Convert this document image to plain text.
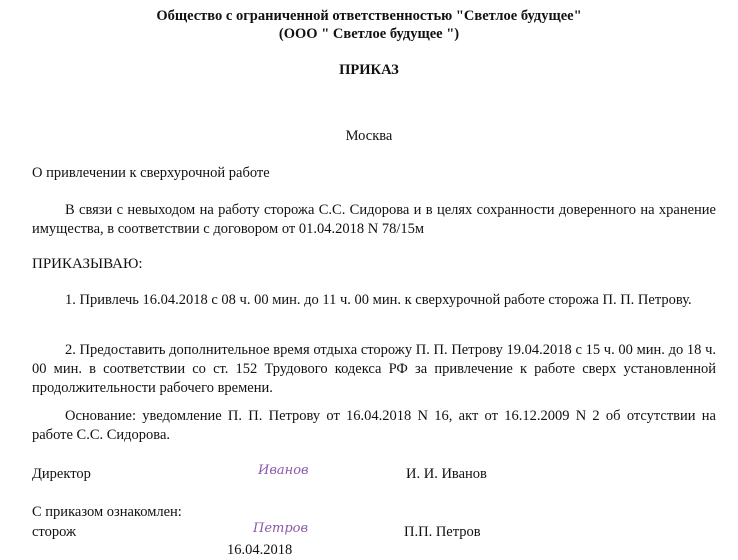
Общество с ограниченной ответственностью "Светлое будущее"
(ООО " Светлое будущее ")
ПРИКАЗ
Москва
О привлечении к сверхурочной работе
В связи с невыходом на работу сторожа С.С. Сидорова и в целях сохранности доверенного на хранение имущества, в соответствии с договором от 01.04.2018 N 78/15м
ПРИКАЗЫВАЮ:
1. Привлечь 16.04.2018 с 08 ч. 00 мин. до 11 ч. 00 мин. к сверхурочной работе сторожа П. П. Петрову.
2. Предоставить дополнительное время отдыха сторожу П. П. Петрову 19.04.2018 с 15 ч. 00 мин. до 18 ч. 00 мин. в соответствии со ст. 152 Трудового кодекса РФ за привлечение к работе сверх установленной продолжительности рабочего времени.
Основание: уведомление П. П. Петрову от 16.04.2018 N 16, акт от 16.12.2009 N 2 об отсутствии на работе С.С. Сидорова.
Директор	Иванов	И. И. Иванов
С приказом ознакомлен:
сторож	Петров	П.П. Петров
16.04.2018
